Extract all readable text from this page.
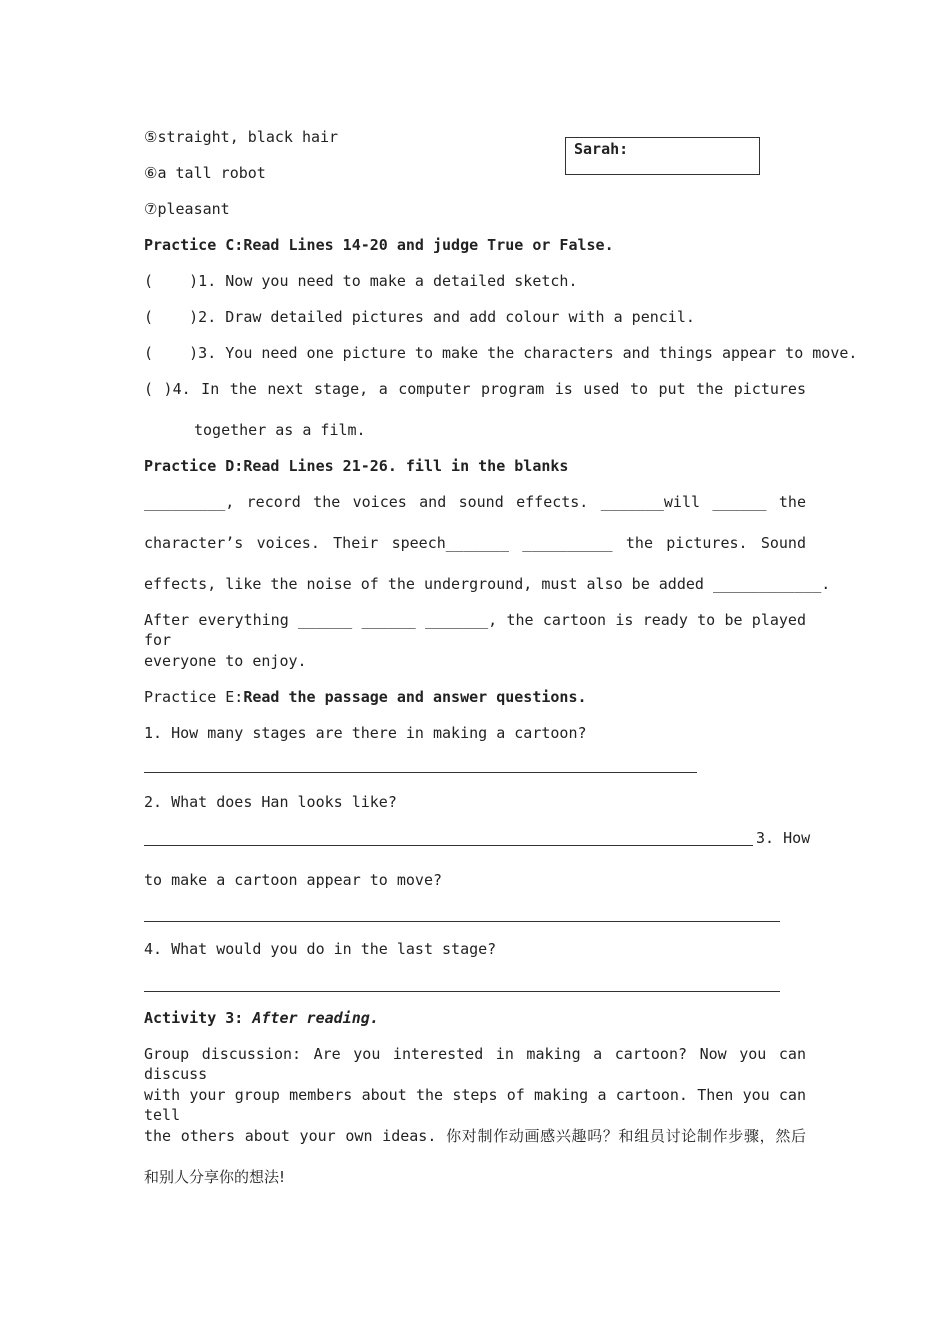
⑤straight, black hair
⑥a tall robot
⑦pleasant
Sarah:
Practice C:Read Lines 14-20 and judge True or False.
(    )1. Now you need to make a detailed sketch.
(    )2. Draw detailed pictures and add colour with a pencil.
(    )3. You need one picture to make the characters and things appear to move.
( )4. In the next stage, a computer program is used to put the pictures
together as a film.
Practice D:Read Lines 21-26. fill in the blanks
_________, record the voices and sound effects. _______will ______ the
character’s voices. Their speech_______ __________ the pictures. Sound
effects, like the noise of the underground, must also be added ____________.
After everything ______ ______ _______, the cartoon is ready to be played for
everyone to enjoy.
Practice E:Read the passage and answer questions.
1. How many stages are there in making a cartoon?
2. What does Han looks like?
3. How
to make a cartoon appear to move?
4. What would you do in the last stage?
Activity 3: After reading.
Group discussion: Are you interested in making a cartoon? Now you can discuss
with your group members about the steps of making a cartoon. Then you can tell
the others about your own ideas. 你对制作动画感兴趣吗？和组员讨论制作步骤，然后
和别人分享你的想法!
